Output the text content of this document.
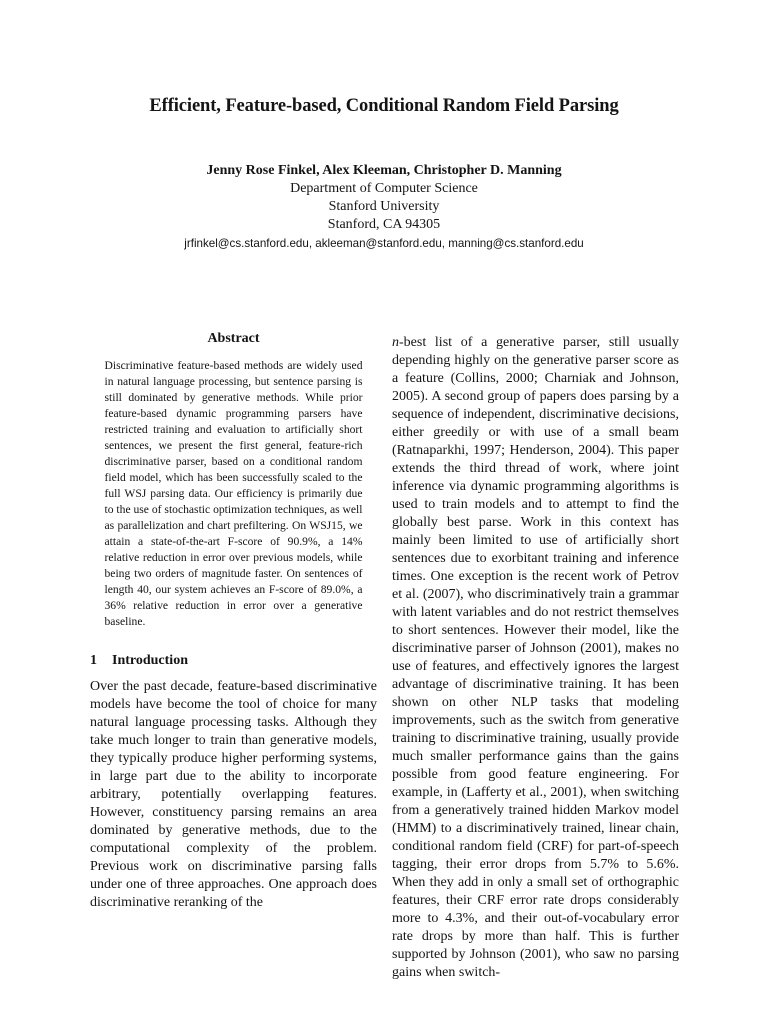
Efficient, Feature-based, Conditional Random Field Parsing
Jenny Rose Finkel, Alex Kleeman, Christopher D. Manning
Department of Computer Science
Stanford University
Stanford, CA 94305
jrfinkel@cs.stanford.edu, akleeman@stanford.edu, manning@cs.stanford.edu
Abstract
Discriminative feature-based methods are widely used in natural language processing, but sentence parsing is still dominated by generative methods. While prior feature-based dynamic programming parsers have restricted training and evaluation to artificially short sentences, we present the first general, feature-rich discriminative parser, based on a conditional random field model, which has been successfully scaled to the full WSJ parsing data. Our efficiency is primarily due to the use of stochastic optimization techniques, as well as parallelization and chart prefiltering. On WSJ15, we attain a state-of-the-art F-score of 90.9%, a 14% relative reduction in error over previous models, while being two orders of magnitude faster. On sentences of length 40, our system achieves an F-score of 89.0%, a 36% relative reduction in error over a generative baseline.
1 Introduction

Over the past decade, feature-based discriminative models have become the tool of choice for many natural language processing tasks. Although they take much longer to train than generative models, they typically produce higher performing systems, in large part due to the ability to incorporate arbitrary, potentially overlapping features. However, constituency parsing remains an area dominated by generative methods, due to the computational complexity of the problem. Previous work on discriminative parsing falls under one of three approaches. One approach does discriminative reranking of the

n-best list of a generative parser, still usually depending highly on the generative parser score as a feature (Collins, 2000; Charniak and Johnson, 2005). A second group of papers does parsing by a sequence of independent, discriminative decisions, either greedily or with use of a small beam (Ratnaparkhi, 1997; Henderson, 2004). This paper extends the third thread of work, where joint inference via dynamic programming algorithms is used to train models and to attempt to find the globally best parse. Work in this context has mainly been limited to use of artificially short sentences due to exorbitant training and inference times. One exception is the recent work of Petrov et al. (2007), who discriminatively train a grammar with latent variables and do not restrict themselves to short sentences. However their model, like the discriminative parser of Johnson (2001), makes no use of features, and effectively ignores the largest advantage of discriminative training. It has been shown on other NLP tasks that modeling improvements, such as the switch from generative training to discriminative training, usually provide much smaller performance gains than the gains possible from good feature engineering. For example, in (Lafferty et al., 2001), when switching from a generatively trained hidden Markov model (HMM) to a discriminatively trained, linear chain, conditional random field (CRF) for part-of-speech tagging, their error drops from 5.7% to 5.6%. When they add in only a small set of orthographic features, their CRF error rate drops considerably more to 4.3%, and their out-of-vocabulary error rate drops by more than half. This is further supported by Johnson (2001), who saw no parsing gains when switch-
